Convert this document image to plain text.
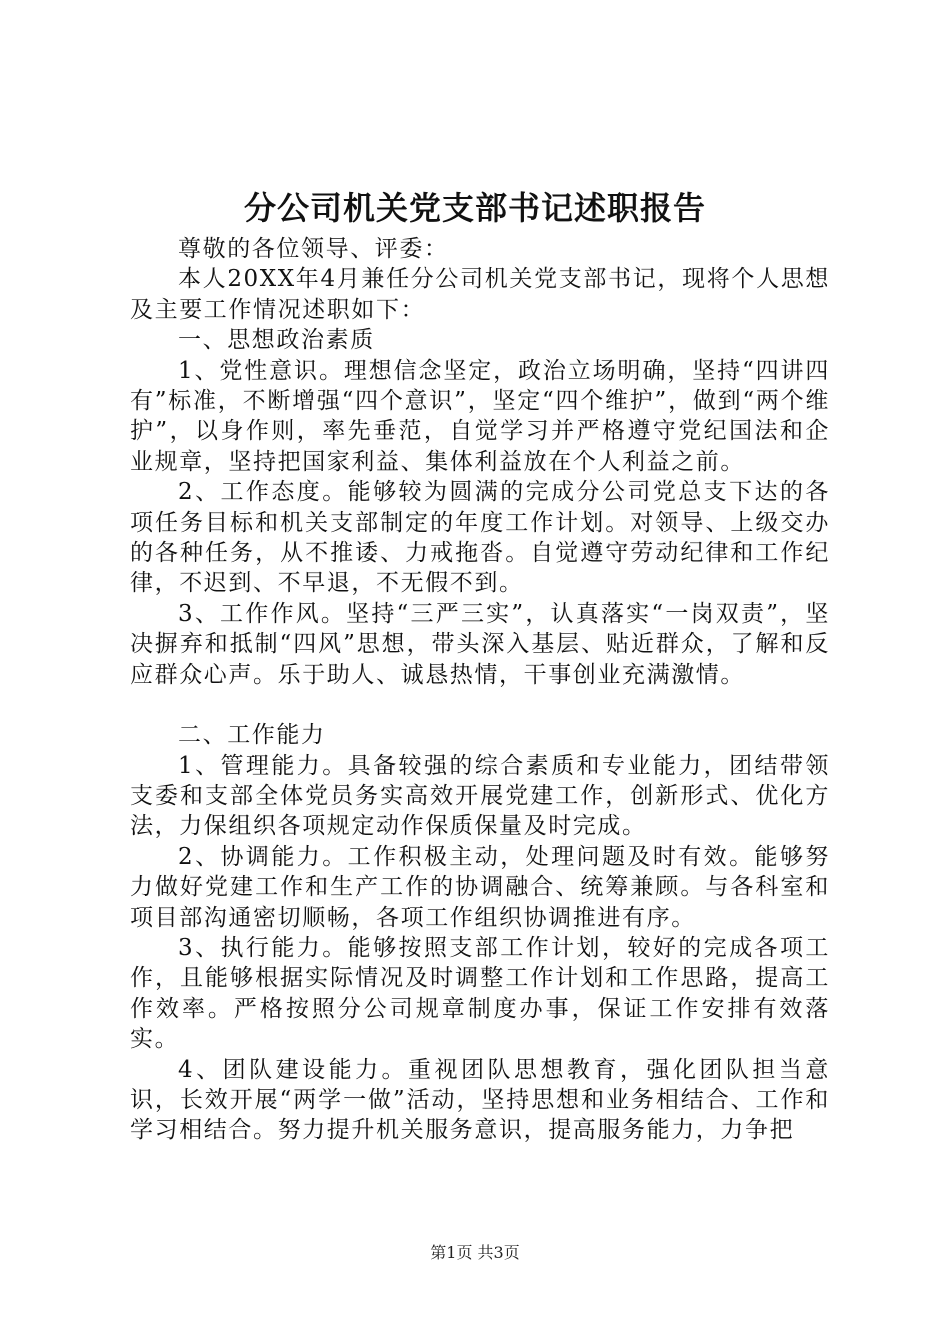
分公司机关党支部书记述职报告

尊敬的各位领导、评委：

本人20XX年4月兼任分公司机关党支部书记，现将个人思想及主要工作情况述职如下：

一、思想政治素质

1、党性意识。理想信念坚定，政治立场明确，坚持“四讲四有”标准，不断增强“四个意识”，坚定“四个维护”，做到“两个维护”，以身作则，率先垂范，自觉学习并严格遵守党纪国法和企业规章，坚持把国家利益、集体利益放在个人利益之前。

2、工作态度。能够较为圆满的完成分公司党总支下达的各项任务目标和机关支部制定的年度工作计划。对领导、上级交办的各种任务，从不推诿、力戒拖沓。自觉遵守劳动纪律和工作纪律，不迟到、不早退，不无假不到。

3、工作作风。坚持“三严三实”，认真落实“一岗双责”，坚决摒弃和抵制“四风”思想，带头深入基层、贴近群众，了解和反应群众心声。乐于助人、诚恳热情，干事创业充满激情。

二、工作能力

1、管理能力。具备较强的综合素质和专业能力，团结带领支委和支部全体党员务实高效开展党建工作，创新形式、优化方法，力保组织各项规定动作保质保量及时完成。

2、协调能力。工作积极主动，处理问题及时有效。能够努力做好党建工作和生产工作的协调融合、统筹兼顾。与各科室和项目部沟通密切顺畅，各项工作组织协调推进有序。

3、执行能力。能够按照支部工作计划，较好的完成各项工作，且能够根据实际情况及时调整工作计划和工作思路，提高工作效率。严格按照分公司规章制度办事，保证工作安排有效落实。

4、团队建设能力。重视团队思想教育，强化团队担当意识，长效开展“两学一做”活动，坚持思想和业务相结合、工作和学习相结合。努力提升机关服务意识，提高服务能力，力争把

第1页 共3页
